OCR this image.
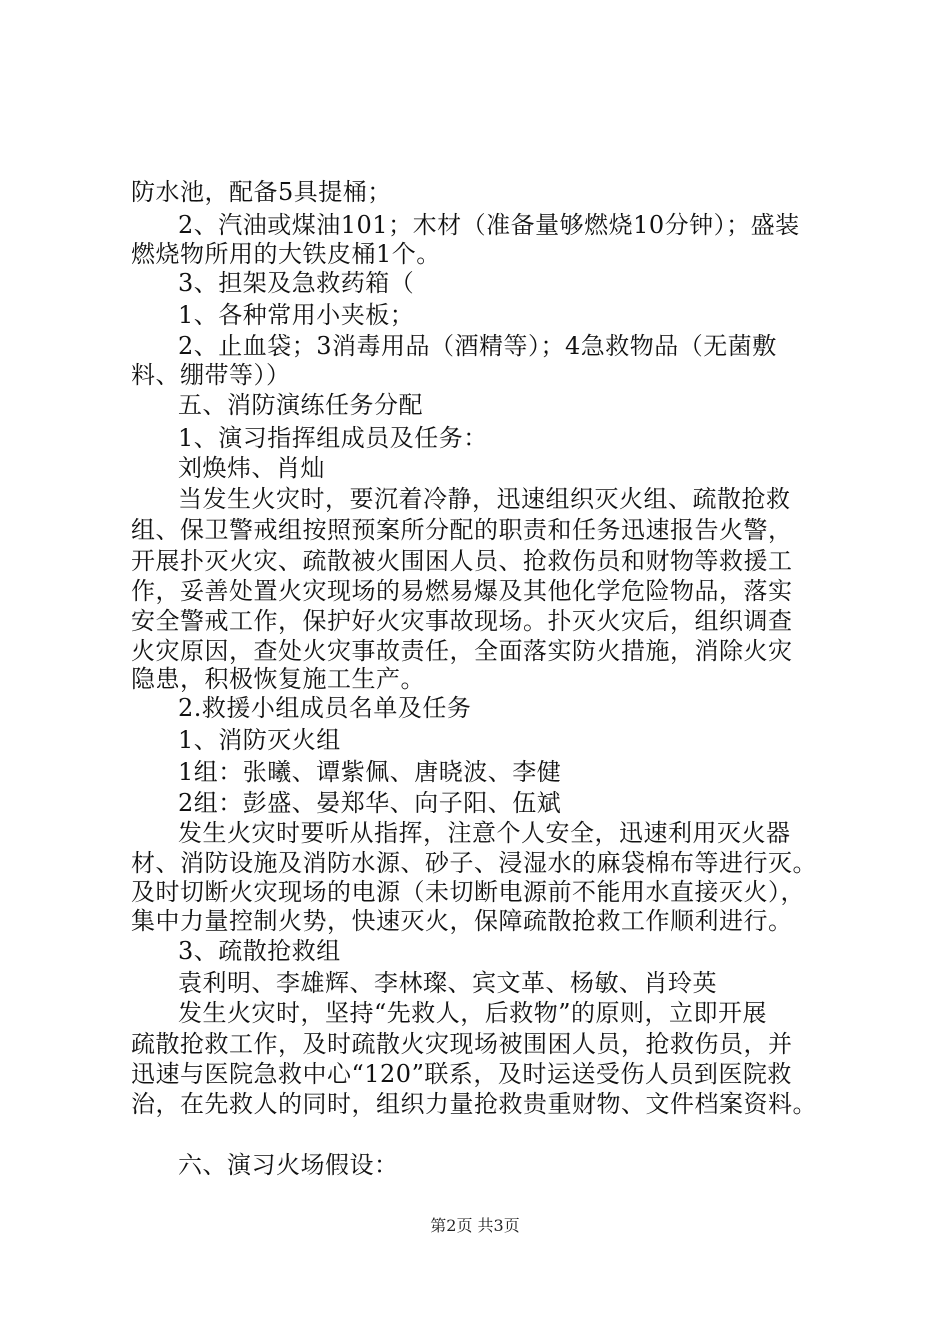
防水池，配备5具提桶；
2、汽油或煤油101；木材（准备量够燃烧10分钟）；盛装
燃烧物所用的大铁皮桶1个。
3、担架及急救药箱（
1、各种常用小夹板；
2、止血袋；3消毒用品（酒精等）；4急救物品（无菌敷
料、绷带等））
五、消防演练任务分配
1、演习指挥组成员及任务：
刘焕炜、肖灿
当发生火灾时，要沉着冷静，迅速组织灭火组、疏散抢救
组、保卫警戒组按照预案所分配的职责和任务迅速报告火警，
开展扑灭火灾、疏散被火围困人员、抢救伤员和财物等救援工
作，妥善处置火灾现场的易燃易爆及其他化学危险物品，落实
安全警戒工作，保护好火灾事故现场。扑灭火灾后，组织调查
火灾原因，查处火灾事故责任，全面落实防火措施，消除火灾
隐患，积极恢复施工生产。
2.救援小组成员名单及任务
1、消防灭火组
1组：张曦、谭紫佩、唐晓波、李健
2组：彭盛、晏郑华、向子阳、伍斌
发生火灾时要听从指挥，注意个人安全，迅速利用灭火器
材、消防设施及消防水源、砂子、浸湿水的麻袋棉布等进行灭。
及时切断火灾现场的电源（未切断电源前不能用水直接灭火），
集中力量控制火势，快速灭火，保障疏散抢救工作顺利进行。
3、疏散抢救组
袁利明、李雄辉、李林璨、宾文革、杨敏、肖玲英
发生火灾时，坚持“先救人，后救物”的原则，立即开展
疏散抢救工作，及时疏散火灾现场被围困人员，抢救伤员，并
迅速与医院急救中心“120”联系，及时运送受伤人员到医院救
治，在先救人的同时，组织力量抢救贵重财物、文件档案资料。
六、演习火场假设：
第2页 共3页
